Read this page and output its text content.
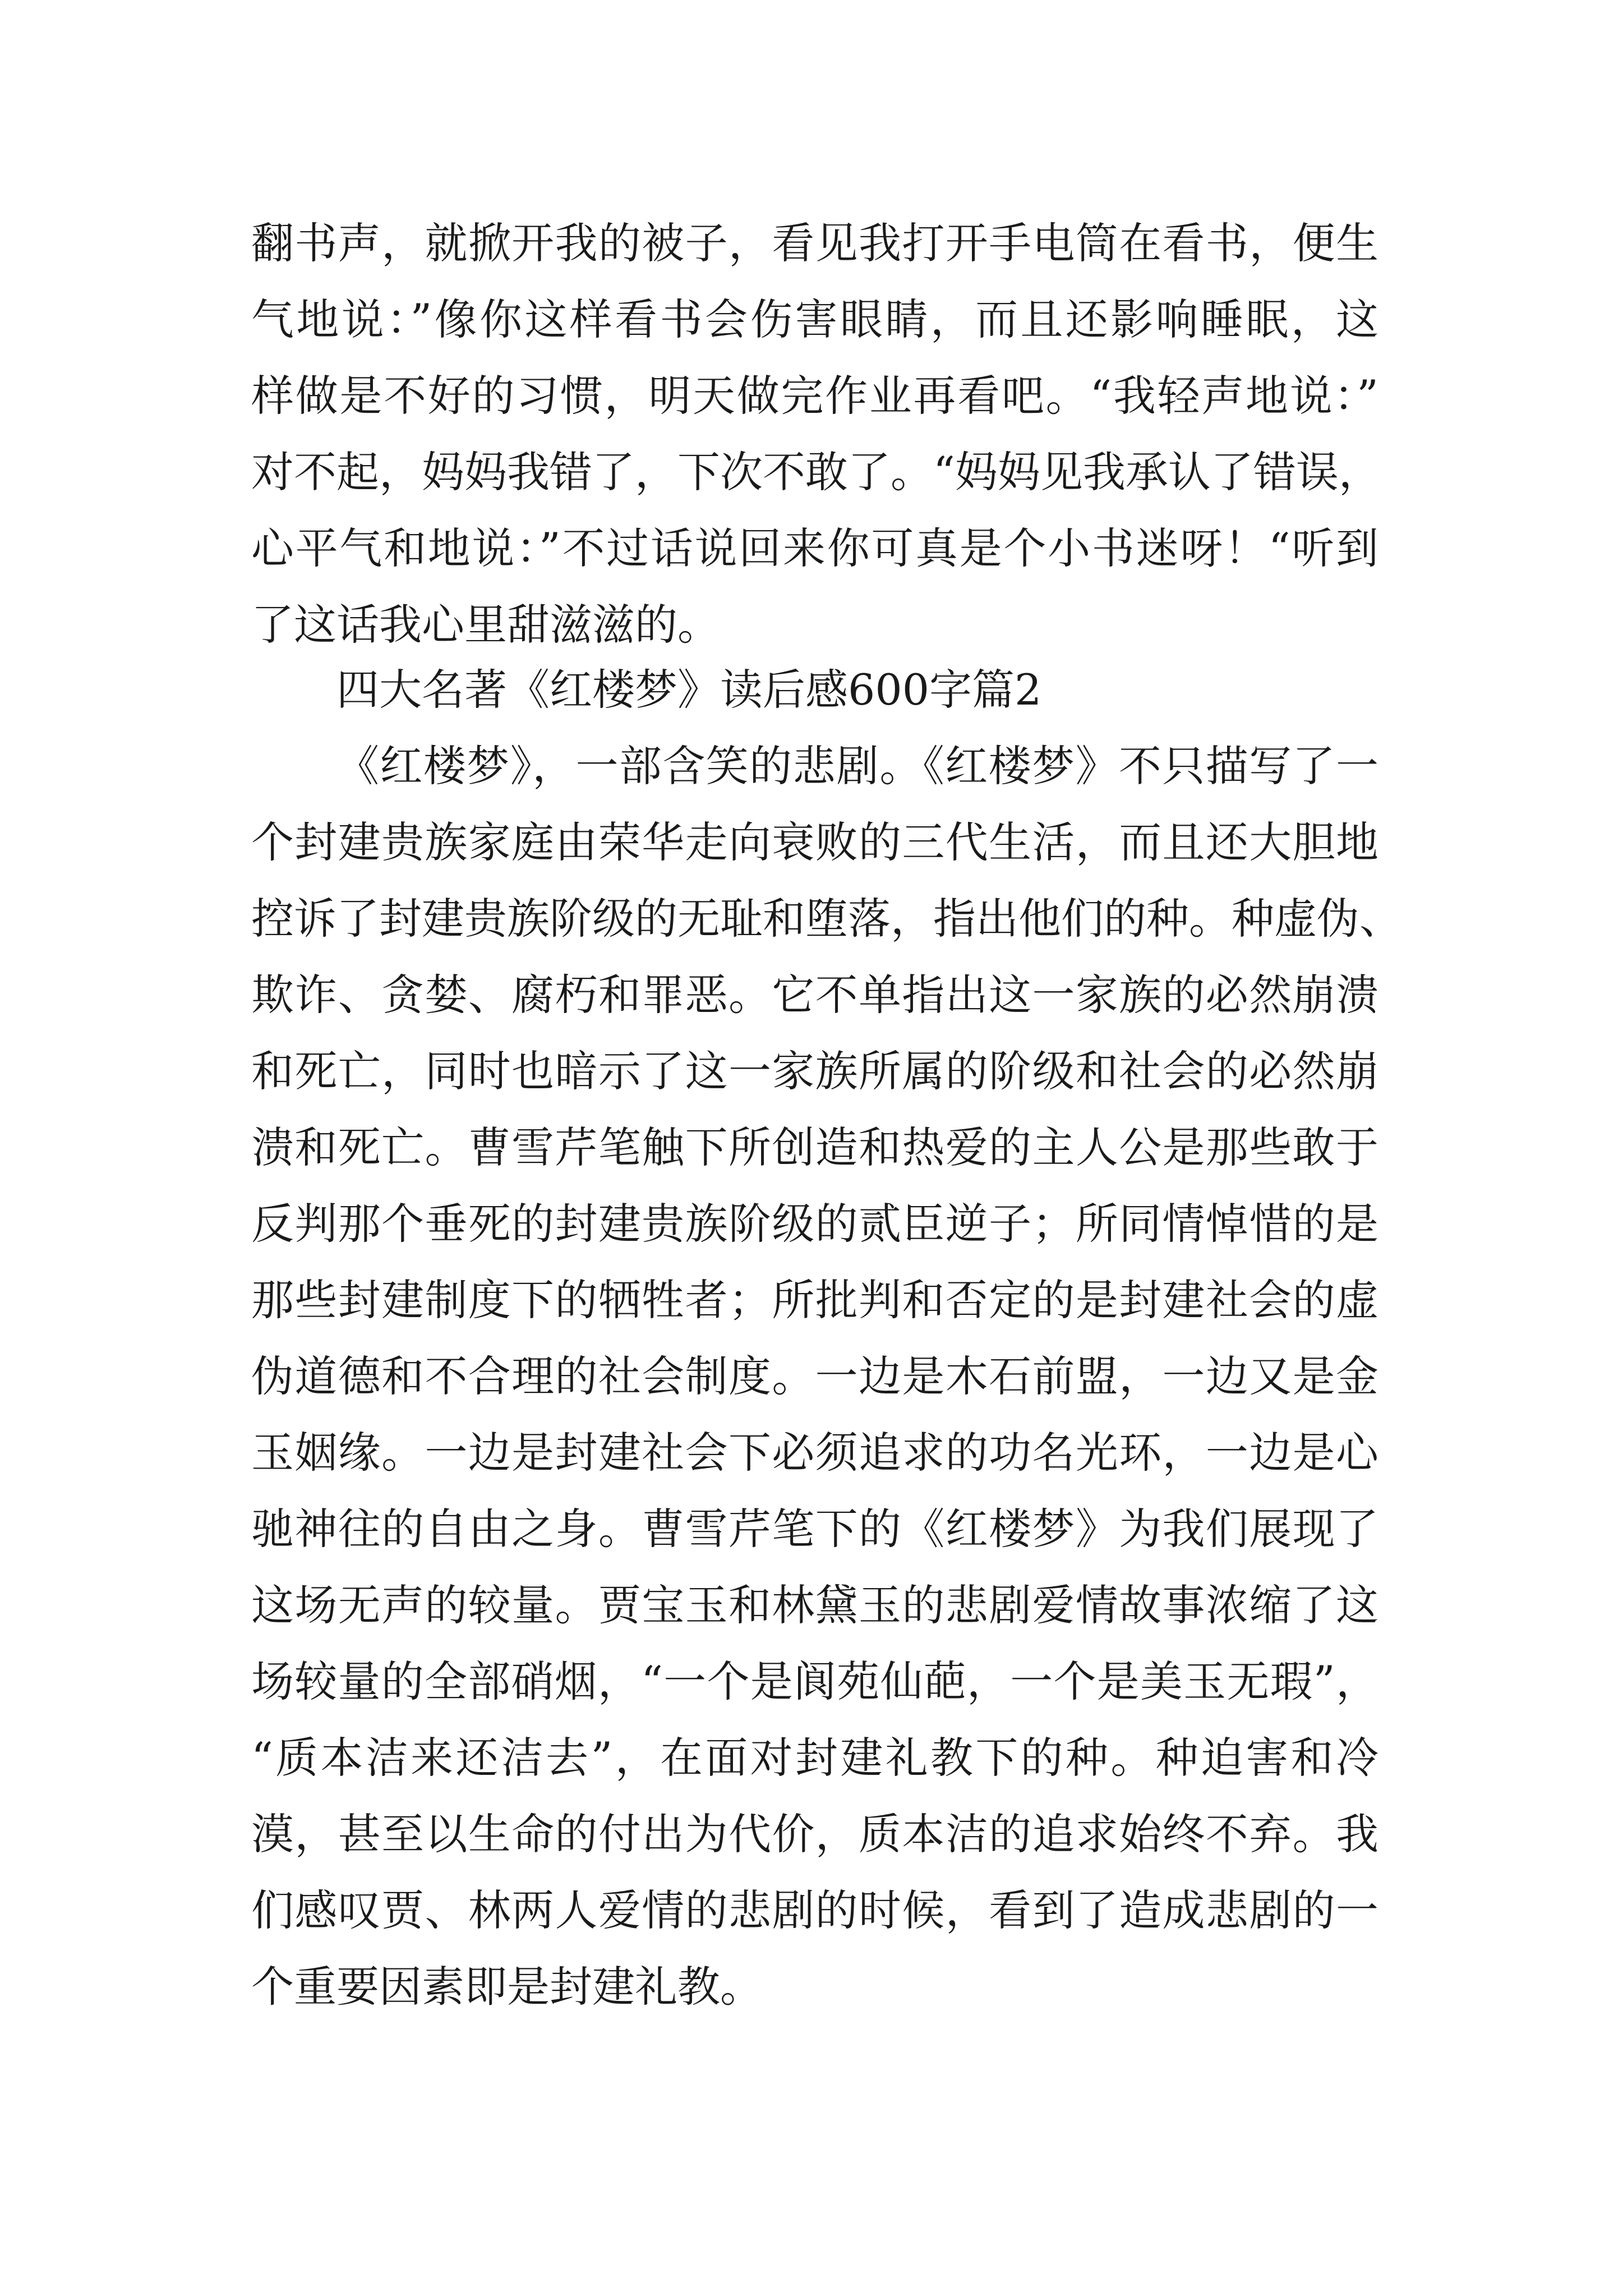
翻书声，就掀开我的被子，看见我打开手电筒在看书，便生
气地说：”像你这样看书会伤害眼睛，而且还影响睡眠，这
样做是不好的习惯，明天做完作业再看吧。“我轻声地说：”
对不起，妈妈我错了，下次不敢了。“妈妈见我承认了错误，
心平气和地说：”不过话说回来你可真是个小书迷呀！“听到
了这话我心里甜滋滋的。
四大名著《红楼梦》读后感600字篇2
《红楼梦》，一部含笑的悲剧。《红楼梦》不只描写了一
个封建贵族家庭由荣华走向衰败的三代生活，而且还大胆地
控诉了封建贵族阶级的无耻和堕落，指出他们的种。种虚伪、
欺诈、贪婪、腐朽和罪恶。它不单指出这一家族的必然崩溃
和死亡，同时也暗示了这一家族所属的阶级和社会的必然崩
溃和死亡。曹雪芹笔触下所创造和热爱的主人公是那些敢于
反判那个垂死的封建贵族阶级的贰臣逆子；所同情悼惜的是
那些封建制度下的牺牲者；所批判和否定的是封建社会的虚
伪道德和不合理的社会制度。一边是木石前盟，一边又是金
玉姻缘。一边是封建社会下必须追求的功名光环，一边是心
驰神往的自由之身。曹雪芹笔下的《红楼梦》为我们展现了
这场无声的较量。贾宝玉和林黛玉的悲剧爱情故事浓缩了这
场较量的全部硝烟，“一个是阆苑仙葩，一个是美玉无瑕”，
“质本洁来还洁去”，在面对封建礼教下的种。种迫害和冷
漠，甚至以生命的付出为代价，质本洁的追求始终不弃。我
们感叹贾、林两人爱情的悲剧的时候，看到了造成悲剧的一
个重要因素即是封建礼教。
